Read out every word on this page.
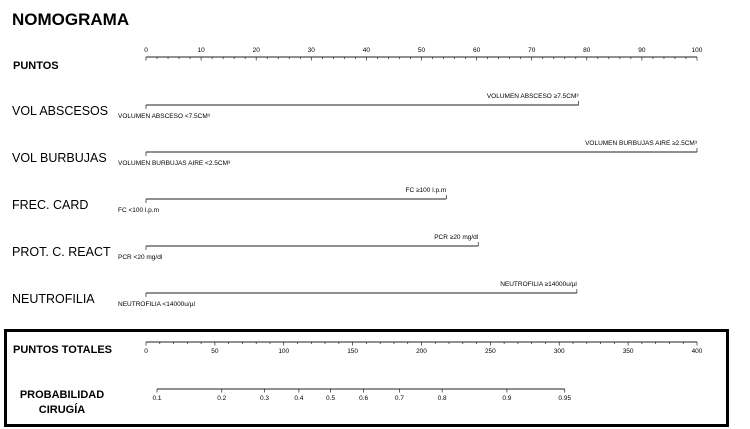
NOMOGRAMA
PUNTOS
0	10	20	30	40	50	60	70	80	90	100
VOL ABSCESOS VOLUMEN ABSCESO <7.5CM³
VOLUMEN ABSCESO ≥7.5CM³
VOL BURBUJAS VOLUMEN BURBUJAS AIRE <2.5CM³
VOLUMEN BURBUJAS AIRE ≥2.5CM³
FREC. CARD	FC <100 l.p.m
FC ≥100 l.p.m
PROT. C. REACT PCR <20 mg/dl
PCR ≥20 mg/dl
NEUTROFILIA	NEUTROFILIA <14000u/µl
NEUTROFILIA ≥14000u/µl
PUNTOS TOTALES	0	50	100	150	200	250	300	350	400
PROBABILIDAD
CIRUGÍA
0.1	0.2	0.3	0.4	0.5	0.6	0.7	0.8	0.9	0.95
